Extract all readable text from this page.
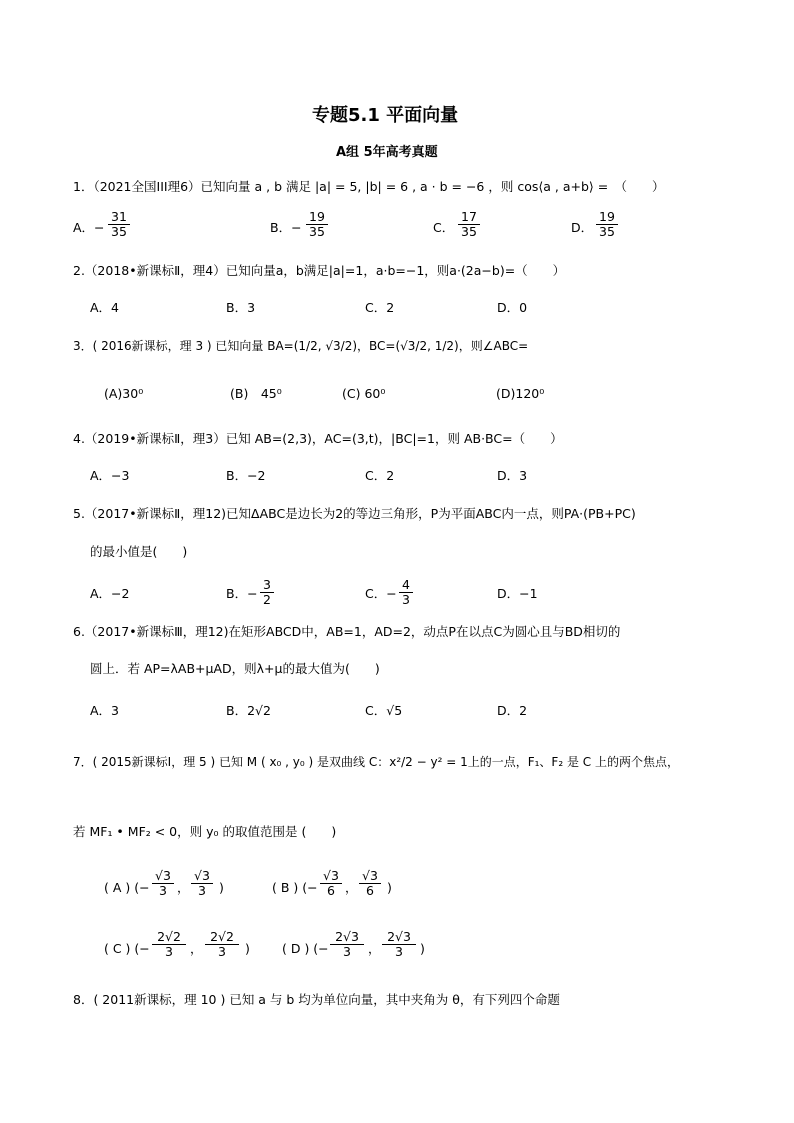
专题5.1 平面向量
A组 5年高考真题
1．（2021全国III理6）已知向量 a , b 满足 |a| = 5, |b| = 6 , a · b = −6 ，则 cos⟨a , a+b⟩ =　（　　）
A．− $\frac{31}{35}$	B．− $\frac{19}{35}$	C． $\frac{17}{35}$	D． $\frac{19}{35}$
2.（2018•新课标Ⅱ，理4）已知向量a，b满足|a|=1，a·b=−1，则a·(2a−b)=（　　）
A．4	B．3	C．2	D．0
3．( 2016新课标，理 3 ) 已知向量 BA=(1/2, √3/2)，BC=(√3/2, 1/2)，则∠ABC=
(A)30⁰	(B)　45⁰	(C) 60⁰	(D)120⁰
4.（2019•新课标Ⅱ，理3）已知 AB=(2,3)，AC=(3,t)，|BC|=1，则 AB·BC=（　　）
A．−3	B．−2	C．2	D．3
5.（2017•新课标Ⅱ，理12)已知ΔABC是边长为2的等边三角形，P为平面ABC内一点，则PA·(PB+PC)
的最小值是(　　)
A．−2	B．− $\frac{3}{2}$	C．− $\frac{4}{3}$	D．−1
6.（2017•新课标Ⅲ，理12)在矩形ABCD中，AB=1，AD=2，动点P在以点C为圆心且与BD相切的
圆上．若 AP=λAB+μAD，则λ+μ的最大值为(　　)
A．3	B．2√2	C．√5	D．2
7．( 2015新课标I，理 5 ) 已知 M ( x₀ , y₀ ) 是双曲线 C：x²/2 − y² = 1上的一点，F₁、F₂ 是 C 上的两个焦点，
若 MF₁ • MF₂ < 0，则 y₀ 的取值范围是 (　　)
( A ) (− $\frac{√3}{3}$ ， $\frac{√3}{3}$ )	( B ) (− $\frac{√3}{6}$ ， $\frac{√3}{6}$ )
( C ) (− $\frac{2√2}{3}$ ， $\frac{2√2}{3}$ )	( D ) (− $\frac{2√3}{3}$ ， $\frac{2√3}{3}$ )
8．( 2011新课标，理 10 ) 已知 a 与 b 均为单位向量，其中夹角为 θ，有下列四个命题
